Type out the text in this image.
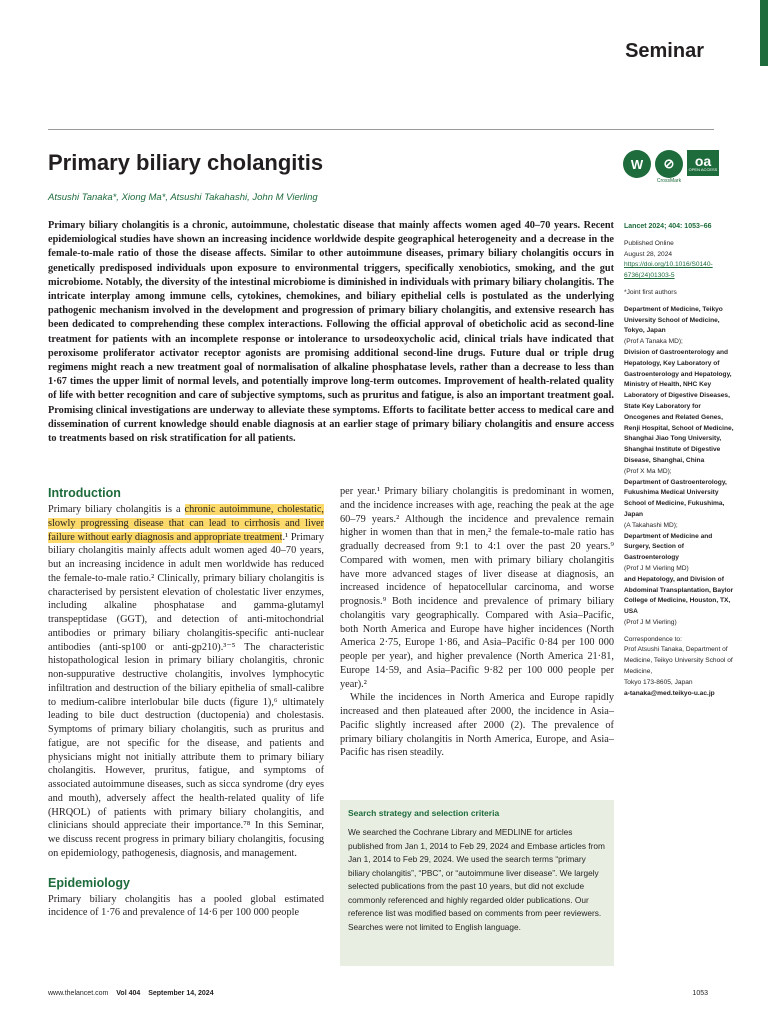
Seminar
Primary biliary cholangitis
Atsushi Tanaka*, Xiong Ma*, Atsushi Takahashi, John M Vierling
W	⊘
CrossMark
oa
OPEN ACCESS

Primary biliary cholangitis is a chronic, autoimmune, cholestatic disease that mainly affects women aged 40–70 years. Recent epidemiological studies have shown an increasing incidence worldwide despite geographical heterogeneity and a decrease in the female-to-male ratio of those the disease affects. Similar to other autoimmune diseases, primary biliary cholangitis occurs in genetically predisposed individuals upon exposure to environmental triggers, specifically xenobiotics, smoking, and the gut microbiome. Notably, the diversity of the intestinal microbiome is diminished in individuals with primary biliary cholangitis. The intricate interplay among immune cells, cytokines, chemokines, and biliary epithelial cells is postulated as the underlying pathogenic mechanism involved in the development and progression of primary biliary cholangitis, and extensive research has been dedicated to comprehending these complex interactions. Following the official approval of obeticholic acid as second-line treatment for patients with an incomplete response or intolerance to ursodeoxycholic acid, clinical trials have indicated that peroxisome proliferator activator receptor agonists are promising additional second-line drugs. Future dual or triple drug regimens might reach a new treatment goal of normalisation of alkaline phosphatase levels, rather than a decrease to less than 1·67 times the upper limit of normal levels, and potentially improve long-term outcomes. Improvement of health-related quality of life with better recognition and care of subjective symptoms, such as pruritus and fatigue, is also an important treatment goal. Promising clinical investigations are underway to alleviate these symptoms. Efforts to facilitate better access to medical care and dissemination of current knowledge should enable diagnosis at an earlier stage of primary biliary cholangitis and ensure access to treatments based on risk stratification for all patients.

Lancet 2024; 404: 1053–66

Published Online

August 28, 2024

https://doi.org/10.1016/S0140-6736(24)01303-5

*Joint first authors

Department of Medicine, Teikyo University School of Medicine, Tokyo, Japan
(Prof A Tanaka MD);

Division of Gastroenterology and Hepatology, Key Laboratory of Gastroenterology and Hepatology, Ministry of Health, NHC Key Laboratory of Digestive Diseases, State Key Laboratory for Oncogenes and Related Genes, Renji Hospital, School of Medicine, Shanghai Jiao Tong University, Shanghai Institute of Digestive Disease, Shanghai, China
(Prof X Ma MD);

Department of Gastroenterology, Fukushima Medical University School of Medicine, Fukushima, Japan
(A Takahashi MD);

Department of Medicine and Surgery, Section of Gastroenterology
(Prof J M Vierling MD)

and Hepatology, and Division of Abdominal Transplantation, Baylor College of Medicine, Houston, TX, USA
(Prof J M Vierling)

Correspondence to:

Prof Atsushi Tanaka, Department of Medicine, Teikyo University School of Medicine,

Tokyo 173-8605, Japan

a-tanaka@med.teikyo-u.ac.jp

Introduction

Primary biliary cholangitis is a chronic autoimmune, cholestatic, slowly progressing disease that can lead to cirrhosis and liver failure without early diagnosis and appropriate treatment.¹ Primary biliary cholangitis mainly affects adult women aged 40–70 years, but an increasing incidence in adult men worldwide has reduced the female-to-male ratio.² Clinically, primary biliary cholangitis is characterised by persistent elevation of cholestatic liver enzymes, including alkaline phosphatase and gamma-glutamyl transpeptidase (GGT), and detection of anti-mitochondrial antibodies or primary biliary cholangitis-specific anti-nuclear antibodies (anti-sp100 or anti-gp210).³⁻⁵ The characteristic histopathological lesion in primary biliary cholangitis, chronic non-suppurative destructive cholangitis, involves lymphocytic infiltration and destruction of the biliary epithelia of small-calibre to medium-calibre interlobular bile ducts (figure 1),⁶ ultimately leading to bile duct destruction (ductopenia) and cholestasis. Symptoms of primary biliary cholangitis, such as pruritus and fatigue, are not specific for the disease, and patients and physicians might not initially attribute them to primary biliary cholangitis. However, pruritus, fatigue, and symptoms of associated autoimmune diseases, such as sicca syndrome (dry eyes and mouth), adversely affect the health-related quality of life (HRQOL) of patients with primary biliary cholangitis, and clinicians should appreciate their importance.⁷⁸ In this Seminar, we discuss recent progress in primary biliary cholangitis, focusing on epidemiology, pathogenesis, diagnosis, and management.

Epidemiology

Primary biliary cholangitis has a pooled global estimated incidence of 1·76 and prevalence of 14·6 per 100 000 people

per year.¹ Primary biliary cholangitis is predominant in women, and the incidence increases with age, reaching the peak at the age 60–79 years.² Although the incidence and prevalence remain higher in women than that in men,² the female-to-male ratio has gradually decreased from 9:1 to 4:1 over the past 20 years.⁹ Compared with women, men with primary biliary cholangitis have more advanced stages of liver disease at diagnosis, an increased incidence of hepatocellular carcinoma, and worse prognosis.⁹ Both incidence and prevalence of primary biliary cholangitis vary geographically. Compared with Asia–Pacific, both North America and Europe have higher incidences (North America 2·75, Europe 1·86, and Asia–Pacific 0·84 per 100 000 people per year), and higher prevalence (North America 21·81, Europe 14·59, and Asia–Pacific 9·82 per 100 000 people per year).²

While the incidences in North America and Europe rapidly increased and then plateaued after 2000, the incidence in Asia–Pacific slightly increased after 2000 (2). The prevalence of primary biliary cholangitis in North America, Europe, and Asia–Pacific has risen steadily.

Search strategy and selection criteria

We searched the Cochrane Library and MEDLINE for articles published from Jan 1, 2014 to Feb 29, 2024 and Embase articles from Jan 1, 2014 to Feb 29, 2024. We used the search terms “primary biliary cholangitis”, “PBC”, or “autoimmune liver disease”. We largely selected publications from the past 10 years, but did not exclude commonly referenced and highly regarded older publications. Our reference list was modified based on comments from peer reviewers. Searches were not limited to English language.

www.thelancet.com Vol 404 September 14, 2024	1053
